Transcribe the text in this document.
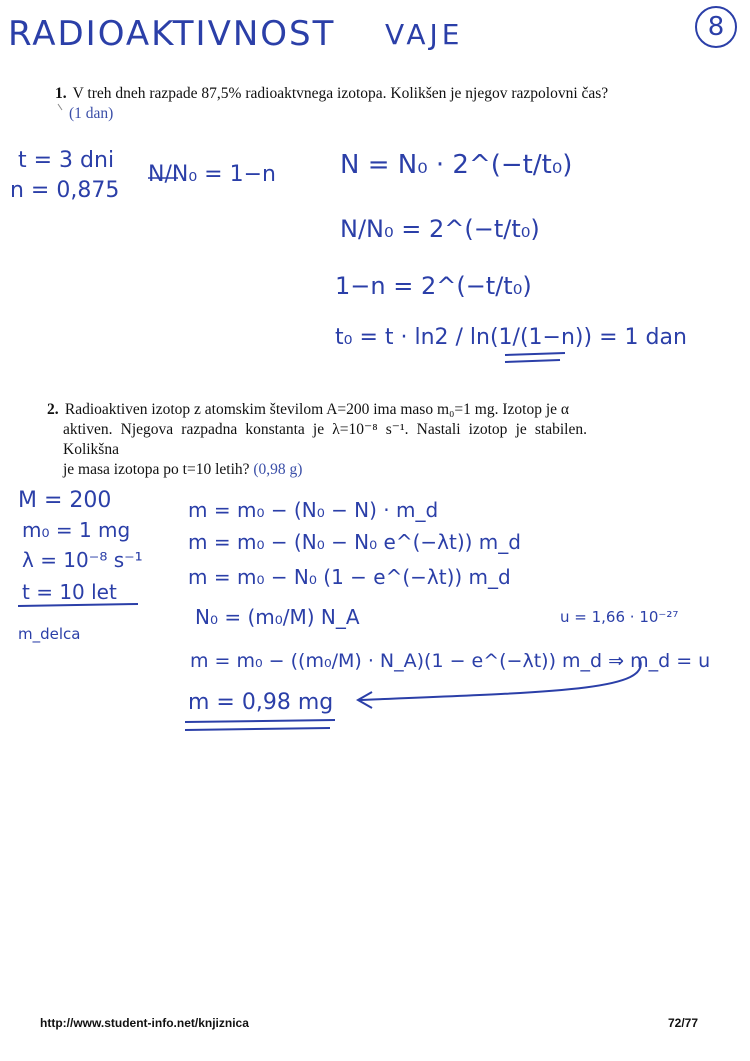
RADIOAKTIVNOST VAJE	8
1. V treh dneh razpade 87,5% radioaktvnega izotopa. Kolikšen je njegov razpolovni čas?
(1 dan)
t = 3 dni
n = 0,875
N/N₀ = 1−n N = N₀ · 2^(−t/t₀)
N/N₀ = 2^(−t/t₀)
1−n = 2^(−t/t₀)
t₀ = t · ln2 / ln(1/(1−n)) = 1 dan
2. Radioaktiven izotop z atomskim številom A=200 ima maso m₀=1 mg. Izotop je α
aktiven. Njegova razpadna konstanta je λ=10⁻⁸ s⁻¹. Nastali izotop je stabilen. Kolikšna
je masa izotopa po t=10 letih? (0,98 g)
M = 200
m₀ = 1 mg
λ = 10⁻⁸ s⁻¹
t = 10 let
m_delca
m = m₀ − (N₀ − N) · m_d
m = m₀ − (N₀ − N₀ e^(−λt)) m_d
m = m₀ − N₀ (1 − e^(−λt)) m_d
N₀ = (m₀/M) N_A
m = m₀ − ((m₀/M) · N_A)(1 − e^(−λt)) m_d ⇒ m_d = u
u = 1,66 · 10⁻²⁷
m = 0,98 mg
http://www.student-info.net/knjiznica	72/77
